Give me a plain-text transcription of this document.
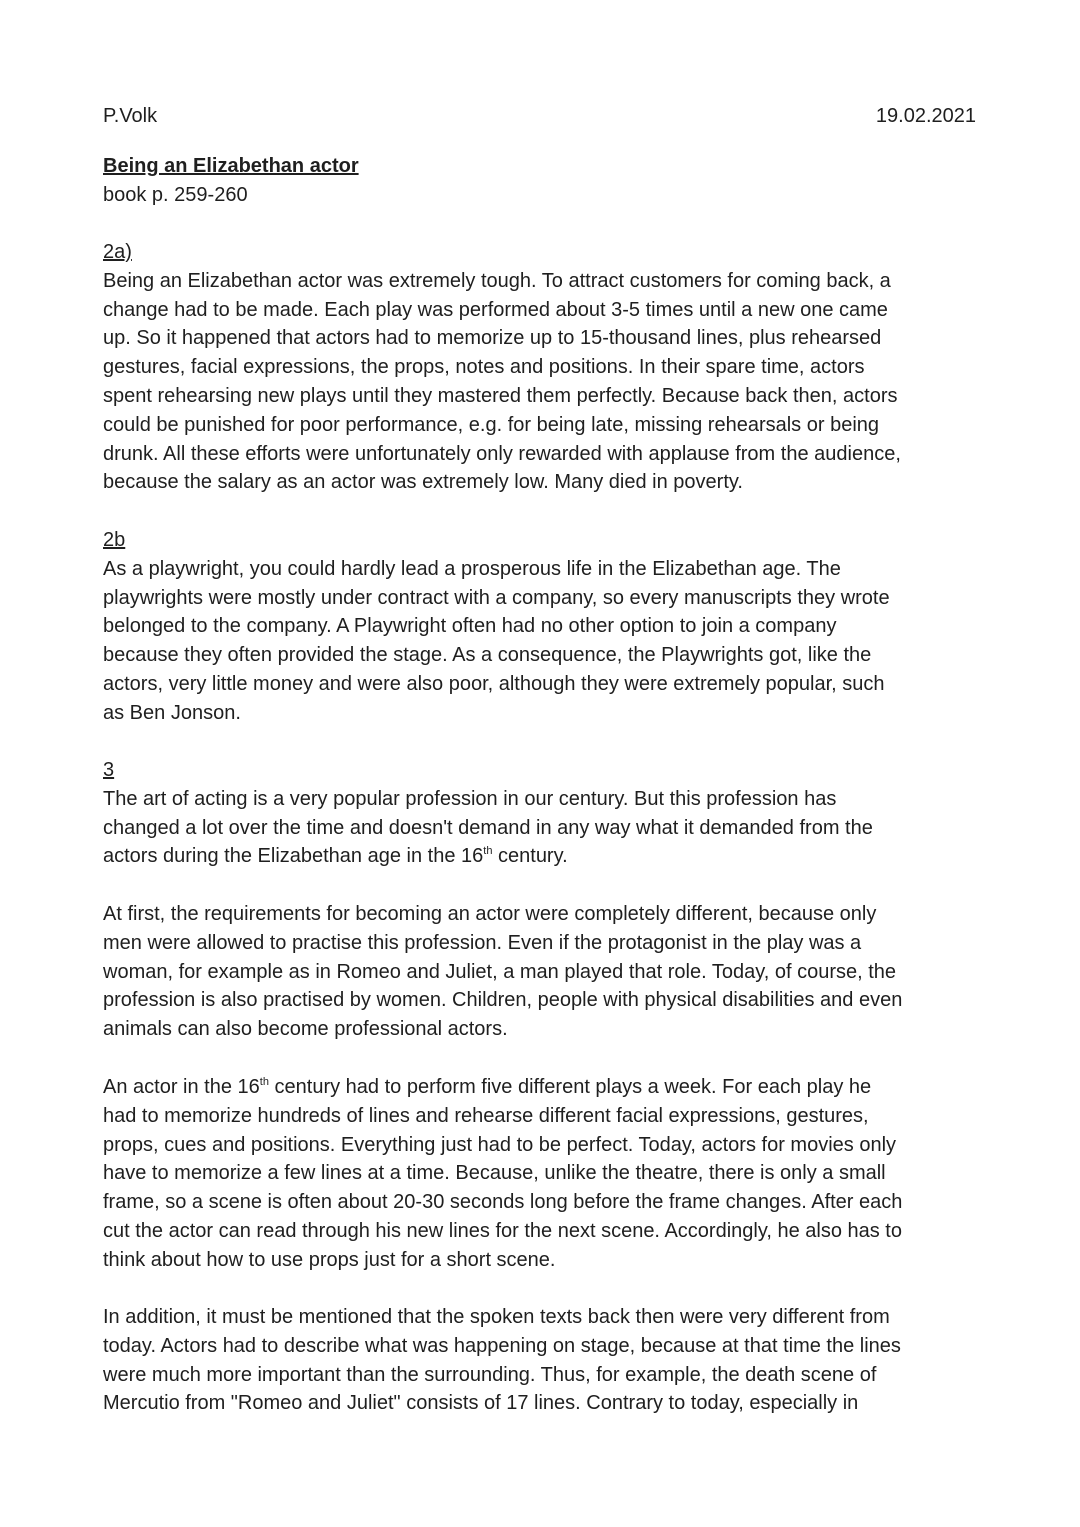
P.Volk	19.02.2021
Being an Elizabethan actor
book p. 259-260
2a)
Being an Elizabethan actor was extremely tough. To attract customers for coming back, a
change had to be made. Each play was performed about 3-5 times until a new one came
up. So it happened that actors had to memorize up to 15-thousand lines, plus rehearsed
gestures, facial expressions, the props, notes and positions. In their spare time, actors
spent rehearsing new plays until they mastered them perfectly. Because back then, actors
could be punished for poor performance, e.g. for being late, missing rehearsals or being
drunk. All these efforts were unfortunately only rewarded with applause from the audience,
because the salary as an actor was extremely low. Many died in poverty.
2b
As a playwright, you could hardly lead a prosperous life in the Elizabethan age. The
playwrights were mostly under contract with a company, so every manuscripts they wrote
belonged to the company. A Playwright often had no other option to join a company
because they often provided the stage. As a consequence, the Playwrights got, like the
actors, very little money and were also poor, although they were extremely popular, such
as Ben Jonson.
3
The art of acting is a very popular profession in our century. But this profession has
changed a lot over the time and doesn't demand in any way what it demanded from the
actors during the Elizabethan age in the 16th century.
At first, the requirements for becoming an actor were completely different, because only
men were allowed to practise this profession. Even if the protagonist in the play was a
woman, for example as in Romeo and Juliet, a man played that role. Today, of course, the
profession is also practised by women. Children, people with physical disabilities and even
animals can also become professional actors.
An actor in the 16th century had to perform five different plays a week. For each play he
had to memorize hundreds of lines and rehearse different facial expressions, gestures,
props, cues and positions. Everything just had to be perfect. Today, actors for movies only
have to memorize a few lines at a time. Because, unlike the theatre, there is only a small
frame, so a scene is often about 20-30 seconds long before the frame changes. After each
cut the actor can read through his new lines for the next scene. Accordingly, he also has to
think about how to use props just for a short scene.
In addition, it must be mentioned that the spoken texts back then were very different from
today. Actors had to describe what was happening on stage, because at that time the lines
were much more important than the surrounding. Thus, for example, the death scene of
Mercutio from "Romeo and Juliet" consists of 17 lines. Contrary to today, especially in
